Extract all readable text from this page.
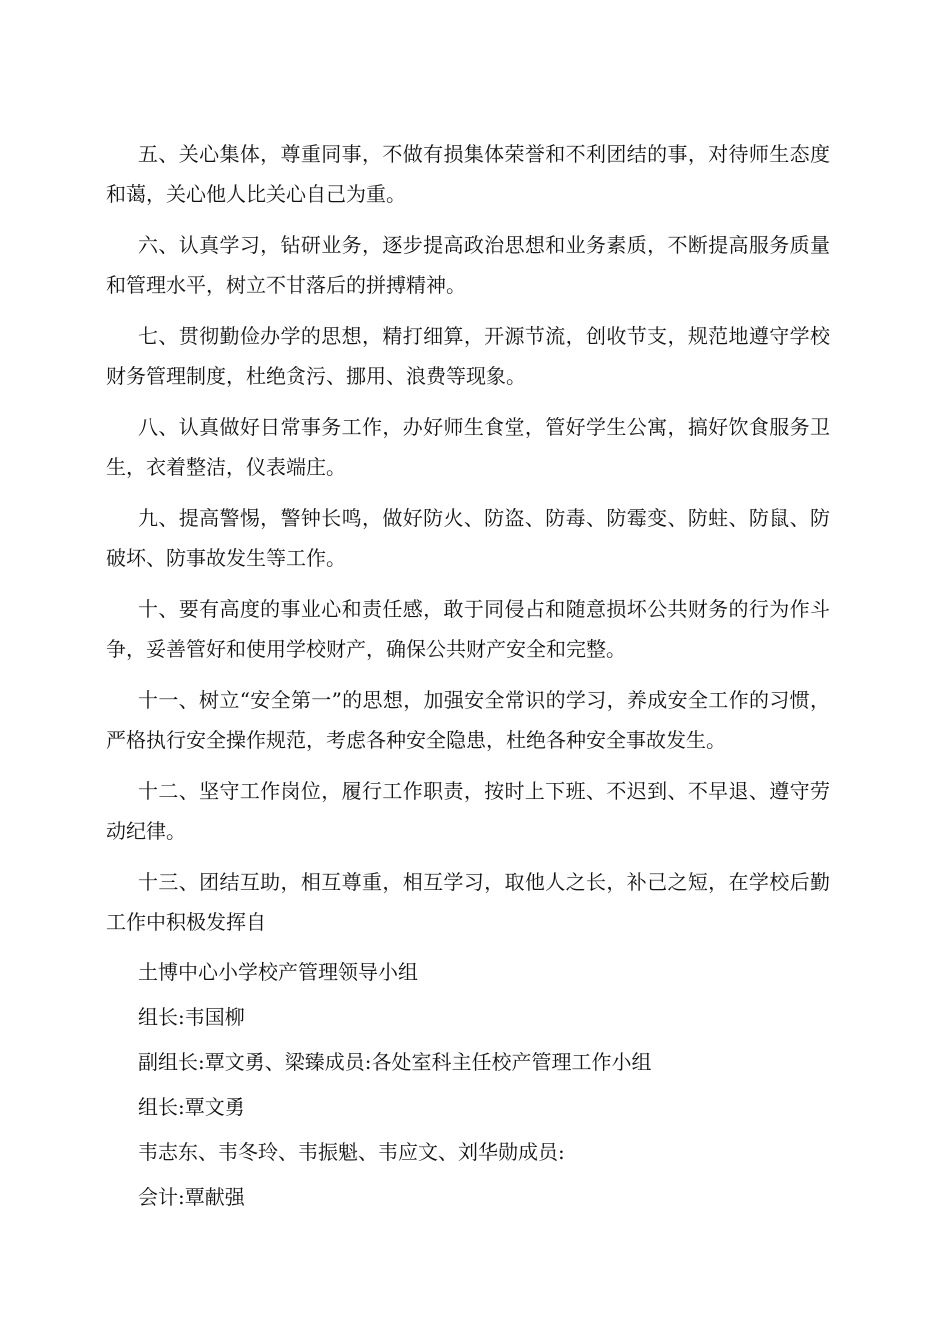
五、关心集体，尊重同事，不做有损集体荣誉和不利团结的事，对待师生态度和蔼，关心他人比关心自己为重。

六、认真学习，钻研业务，逐步提高政治思想和业务素质，不断提高服务质量和管理水平，树立不甘落后的拼搏精神。

七、贯彻勤俭办学的思想，精打细算，开源节流，创收节支，规范地遵守学校财务管理制度，杜绝贪污、挪用、浪费等现象。

八、认真做好日常事务工作，办好师生食堂，管好学生公寓，搞好饮食服务卫生，衣着整洁，仪表端庄。

九、提高警惕，警钟长鸣，做好防火、防盗、防毒、防霉变、防蛀、防鼠、防破坏、防事故发生等工作。

十、要有高度的事业心和责任感，敢于同侵占和随意损坏公共财务的行为作斗争，妥善管好和使用学校财产，确保公共财产安全和完整。

十一、树立“安全第一”的思想，加强安全常识的学习，养成安全工作的习惯，严格执行安全操作规范，考虑各种安全隐患，杜绝各种安全事故发生。

十二、坚守工作岗位，履行工作职责，按时上下班、不迟到、不早退、遵守劳动纪律。

十三、团结互助，相互尊重，相互学习，取他人之长，补己之短，在学校后勤工作中积极发挥自

土博中心小学校产管理领导小组

组长:韦国柳

副组长:覃文勇、梁臻成员:各处室科主任校产管理工作小组

组长:覃文勇

韦志东、韦冬玲、韦振魁、韦应文、刘华勋成员:

会计:覃献强
